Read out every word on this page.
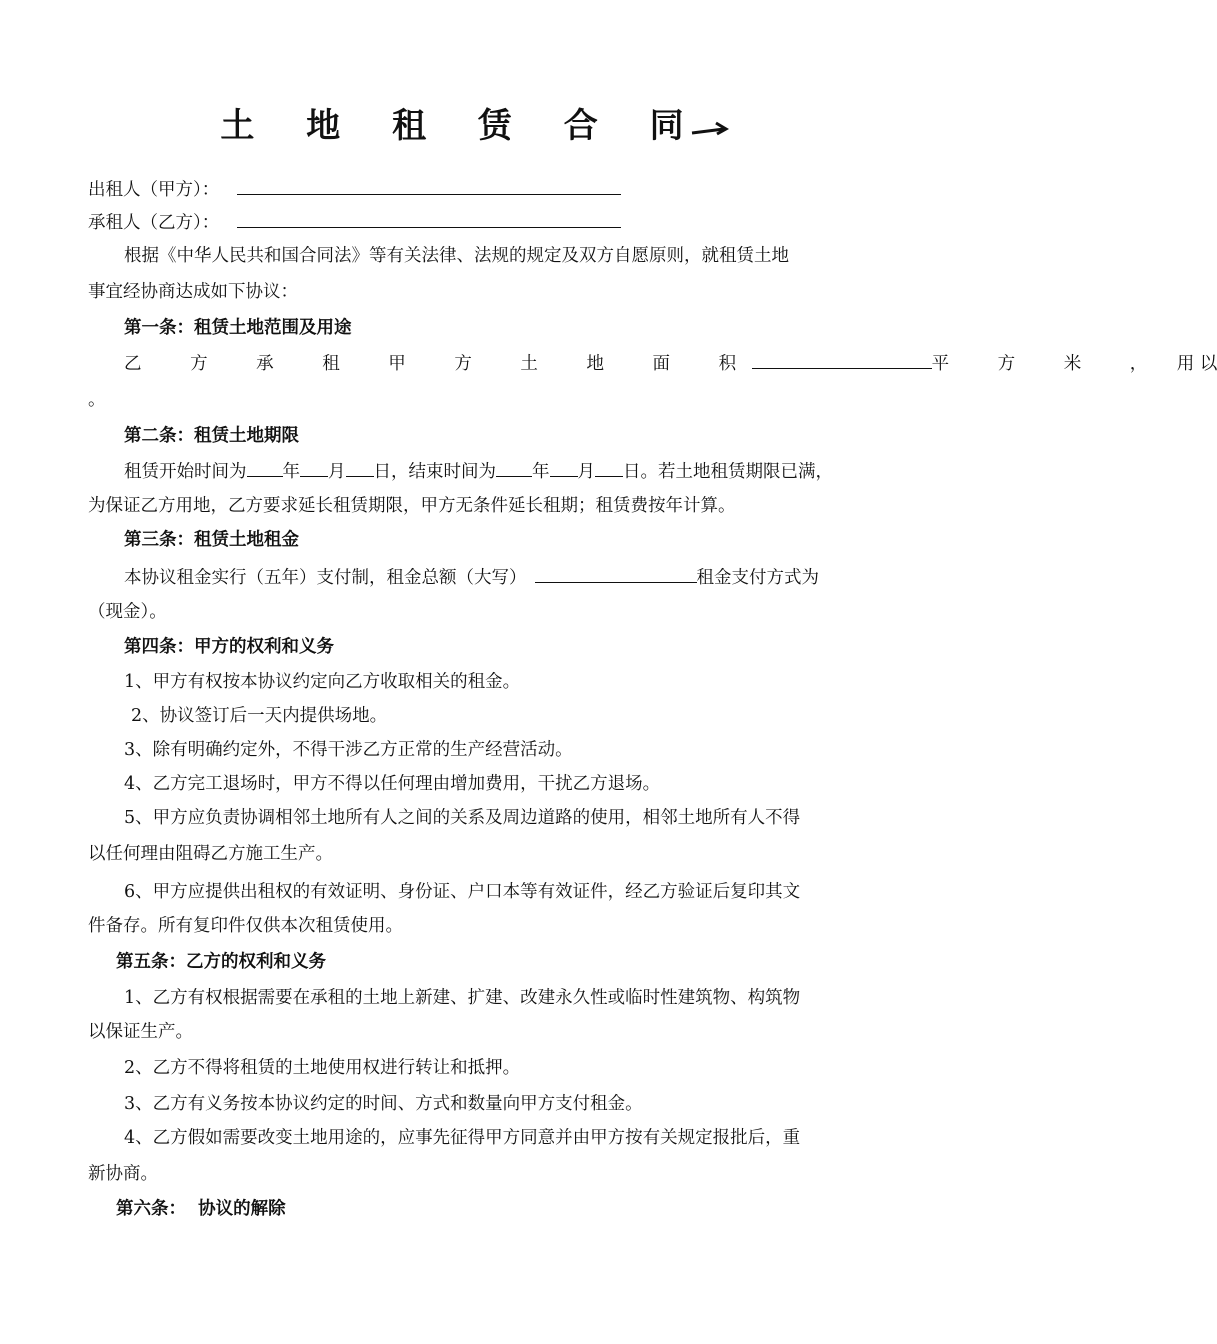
土 地 租 赁 合 同
出租人（甲方）：
承租人（乙方）：
根据《中华人民共和国合同法》等有关法律、法规的规定及双方自愿原则，就租赁土地
事宜经协商达成如下协议：
第一条：租赁土地范围及用途
乙 方 承 租 甲 方 土 地 面 积	平 方 米 ， 用 以
。
第二条：租赁土地期限
租赁开始时间为 年 月 日，结束时间为 年 月 日。若土地租赁期限已满，
为保证乙方用地，乙方要求延长租赁期限，甲方无条件延长租期；租赁费按年计算。
第三条：租赁土地租金
本协议租金实行（五年）支付制，租金总额（大写）	租金支付方式为
（现金）。
第四条：甲方的权利和义务
1、甲方有权按本协议约定向乙方收取相关的租金。
2、协议签订后一天内提供场地。
3、除有明确约定外，不得干涉乙方正常的生产经营活动。
4、乙方完工退场时，甲方不得以任何理由增加费用，干扰乙方退场。
5、甲方应负责协调相邻土地所有人之间的关系及周边道路的使用，相邻土地所有人不得
以任何理由阻碍乙方施工生产。
6、甲方应提供出租权的有效证明、身份证、户口本等有效证件，经乙方验证后复印其文
件备存。所有复印件仅供本次租赁使用。
第五条：乙方的权利和义务
1、乙方有权根据需要在承租的土地上新建、扩建、改建永久性或临时性建筑物、构筑物
以保证生产。
2、乙方不得将租赁的土地使用权进行转让和抵押。
3、乙方有义务按本协议约定的时间、方式和数量向甲方支付租金。
4、乙方假如需要改变土地用途的，应事先征得甲方同意并由甲方按有关规定报批后，重
新协商。
第六条：  协议的解除
